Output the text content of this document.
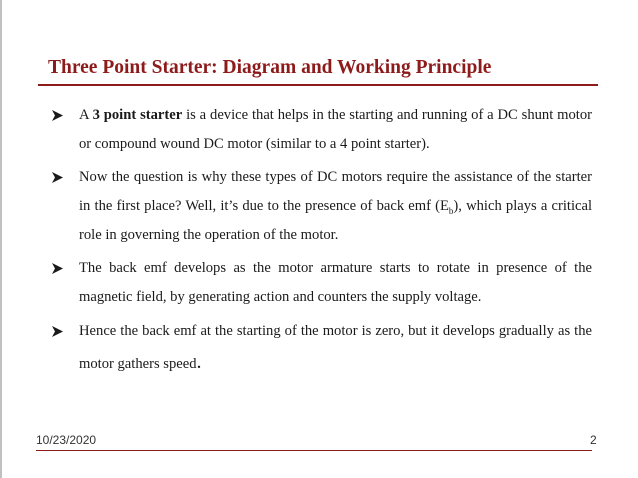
Three Point Starter: Diagram and Working Principle
A 3 point starter is a device that helps in the starting and running of a DC shunt motor or compound wound DC motor (similar to a 4 point starter).
Now the question is why these types of DC motors require the assistance of the starter in the first place? Well, it’s due to the presence of back emf $(E_b)$, which plays a critical role in governing the operation of the motor.
The back emf develops as the motor armature starts to rotate in presence of the magnetic field, by generating action and counters the supply voltage.
Hence the back emf at the starting of the motor is zero, but it develops gradually as the motor gathers speed.
10/23/2020	2
